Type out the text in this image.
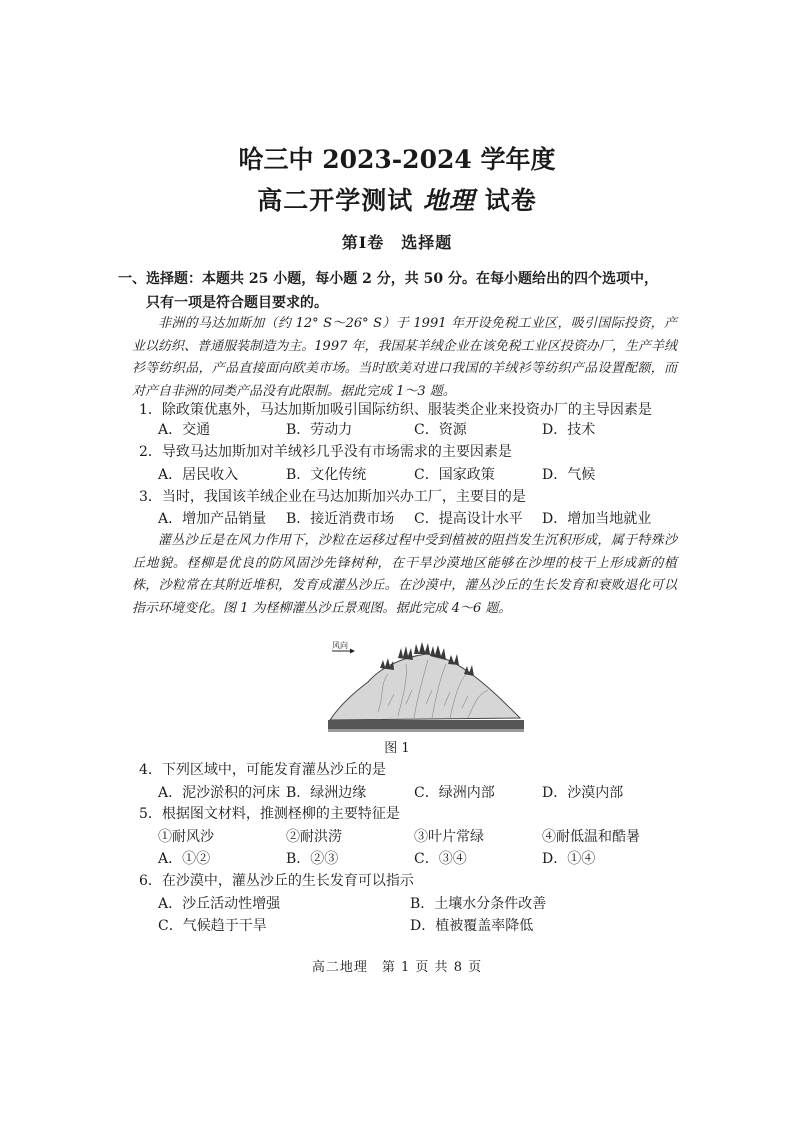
哈三中 2023-2024 学年度
高二开学测试 地理 试卷
第Ⅰ卷　选择题
一、选择题：本题共 25 小题，每小题 2 分，共 50 分。在每小题给出的四个选项中，
只有一项是符合题目要求的。
非洲的马达加斯加（约 12° S～26° S）于 1991 年开设免税工业区，吸引国际投资，产业以纺织、普通服装制造为主。1997 年，我国某羊绒企业在该免税工业区投资办厂，生产羊绒衫等纺织品，产品直接面向欧美市场。当时欧美对进口我国的羊绒衫等纺织产品设置配额，而对产自非洲的同类产品没有此限制。据此完成 1～3 题。
1．除政策优惠外，马达加斯加吸引国际纺织、服装类企业来投资办厂的主导因素是
A．交通	B．劳动力	C．资源	D．技术
2．导致马达加斯加对羊绒衫几乎没有市场需求的主要因素是
A．居民收入	B．文化传统	C．国家政策	D．气候
3．当时，我国该羊绒企业在马达加斯加兴办工厂，主要目的是
A．增加产品销量 B．接近消费市场 C．提高设计水平 D．增加当地就业
灌丛沙丘是在风力作用下，沙粒在运移过程中受到植被的阻挡发生沉积形成，属于特殊沙丘地貌。柽柳是优良的防风固沙先锋树种，在干旱沙漠地区能够在沙埋的枝干上形成新的植株，沙粒常在其附近堆积，发育成灌丛沙丘。在沙漠中，灌丛沙丘的生长发育和衰败退化可以指示环境变化。图 1 为柽柳灌丛沙丘景观图。据此完成 4～6 题。
风向
图 1
4．下列区域中，可能发育灌丛沙丘的是
A．泥沙淤积的河床 B．绿洲边缘	C．绿洲内部	D．沙漠内部
5．根据图文材料，推测柽柳的主要特征是
①耐风沙	②耐洪涝	③叶片常绿	④耐低温和酷暑
A．①②	B．②③	C．③④	D．①④
6．在沙漠中，灌丛沙丘的生长发育可以指示
A．沙丘活动性增强	B．土壤水分条件改善
C．气候趋于干旱	D．植被覆盖率降低
高二地理　第 1 页 共 8 页
